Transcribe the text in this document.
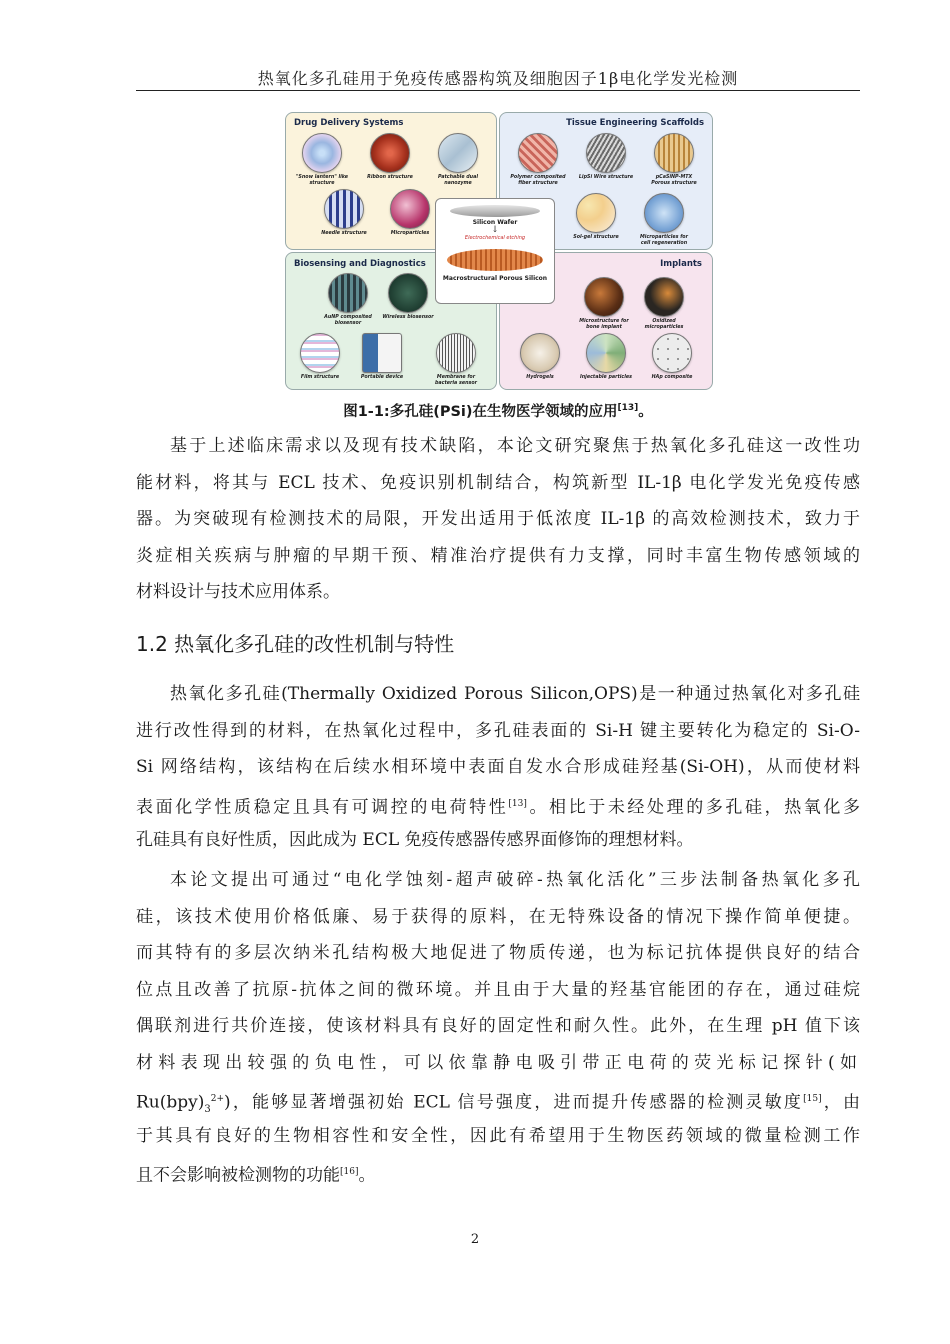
热氧化多孔硅用于免疫传感器构筑及细胞因子1β电化学发光检测
Drug Delivery Systems
"Snow lantern" like structure
Ribbon structure	Patchable dual nanozyme
Needle structure	Microparticles
Tissue Engineering Scaffolds
Polymer composited fiber structure
LipSi Wire structure	pCaSiNP-MTX Porous structure
Sol-gel structure	Microparticles for cell regeneration
Biosensing and Diagnostics
AuNP composited biosensor
Wireless biosensor
Film structure	Portable device	Membrane for bacteria sensor
Implants
Microstructure for bone implant
Oxidized microparticles
Hydrogels	Injectable particles	HAp composite
Silicon Wafer
↓
Electrochemical etching
Macrostructural Porous Silicon
图1-1:多孔硅(PSi)在生物医学领域的应用[13]。
基于上述临床需求以及现有技术缺陷，本论文研究聚焦于热氧化多孔硅这一改性功
能材料，将其与 ECL 技术、免疫识别机制结合，构筑新型 IL-1β 电化学发光免疫传感
器。为突破现有检测技术的局限，开发出适用于低浓度 IL-1β 的高效检测技术，致力于
炎症相关疾病与肿瘤的早期干预、精准治疗提供有力支撑，同时丰富生物传感领域的
材料设计与技术应用体系。
1.2 热氧化多孔硅的改性机制与特性
热氧化多孔硅(Thermally Oxidized Porous Silicon,OPS)是一种通过热氧化对多孔硅
进行改性得到的材料，在热氧化过程中，多孔硅表面的 Si-H 键主要转化为稳定的 Si-O-
Si 网络结构，该结构在后续水相环境中表面自发水合形成硅羟基(Si-OH)，从而使材料
表面化学性质稳定且具有可调控的电荷特性[13]。相比于未经处理的多孔硅，热氧化多
孔硅具有良好性质，因此成为 ECL 免疫传感器传感界面修饰的理想材料。
本论文提出可通过“电化学蚀刻-超声破碎-热氧化活化”三步法制备热氧化多孔
硅，该技术使用价格低廉、易于获得的原料，在无特殊设备的情况下操作简单便捷。
而其特有的多层次纳米孔结构极大地促进了物质传递，也为标记抗体提供良好的结合
位点且改善了抗原-抗体之间的微环境。并且由于大量的羟基官能团的存在，通过硅烷
偶联剂进行共价连接，使该材料具有良好的固定性和耐久性。此外，在生理 pH 值下该
材料表现出较强的负电性，可以依靠静电吸引带正电荷的荧光标记探针(如
$Ru(bpy)_3^{2+}$)，能够显著增强初始 ECL 信号强度，进而提升传感器的检测灵敏度[15]，由
于其具有良好的生物相容性和安全性，因此有希望用于生物医药领域的微量检测工作
且不会影响被检测物的功能[16]。
2
